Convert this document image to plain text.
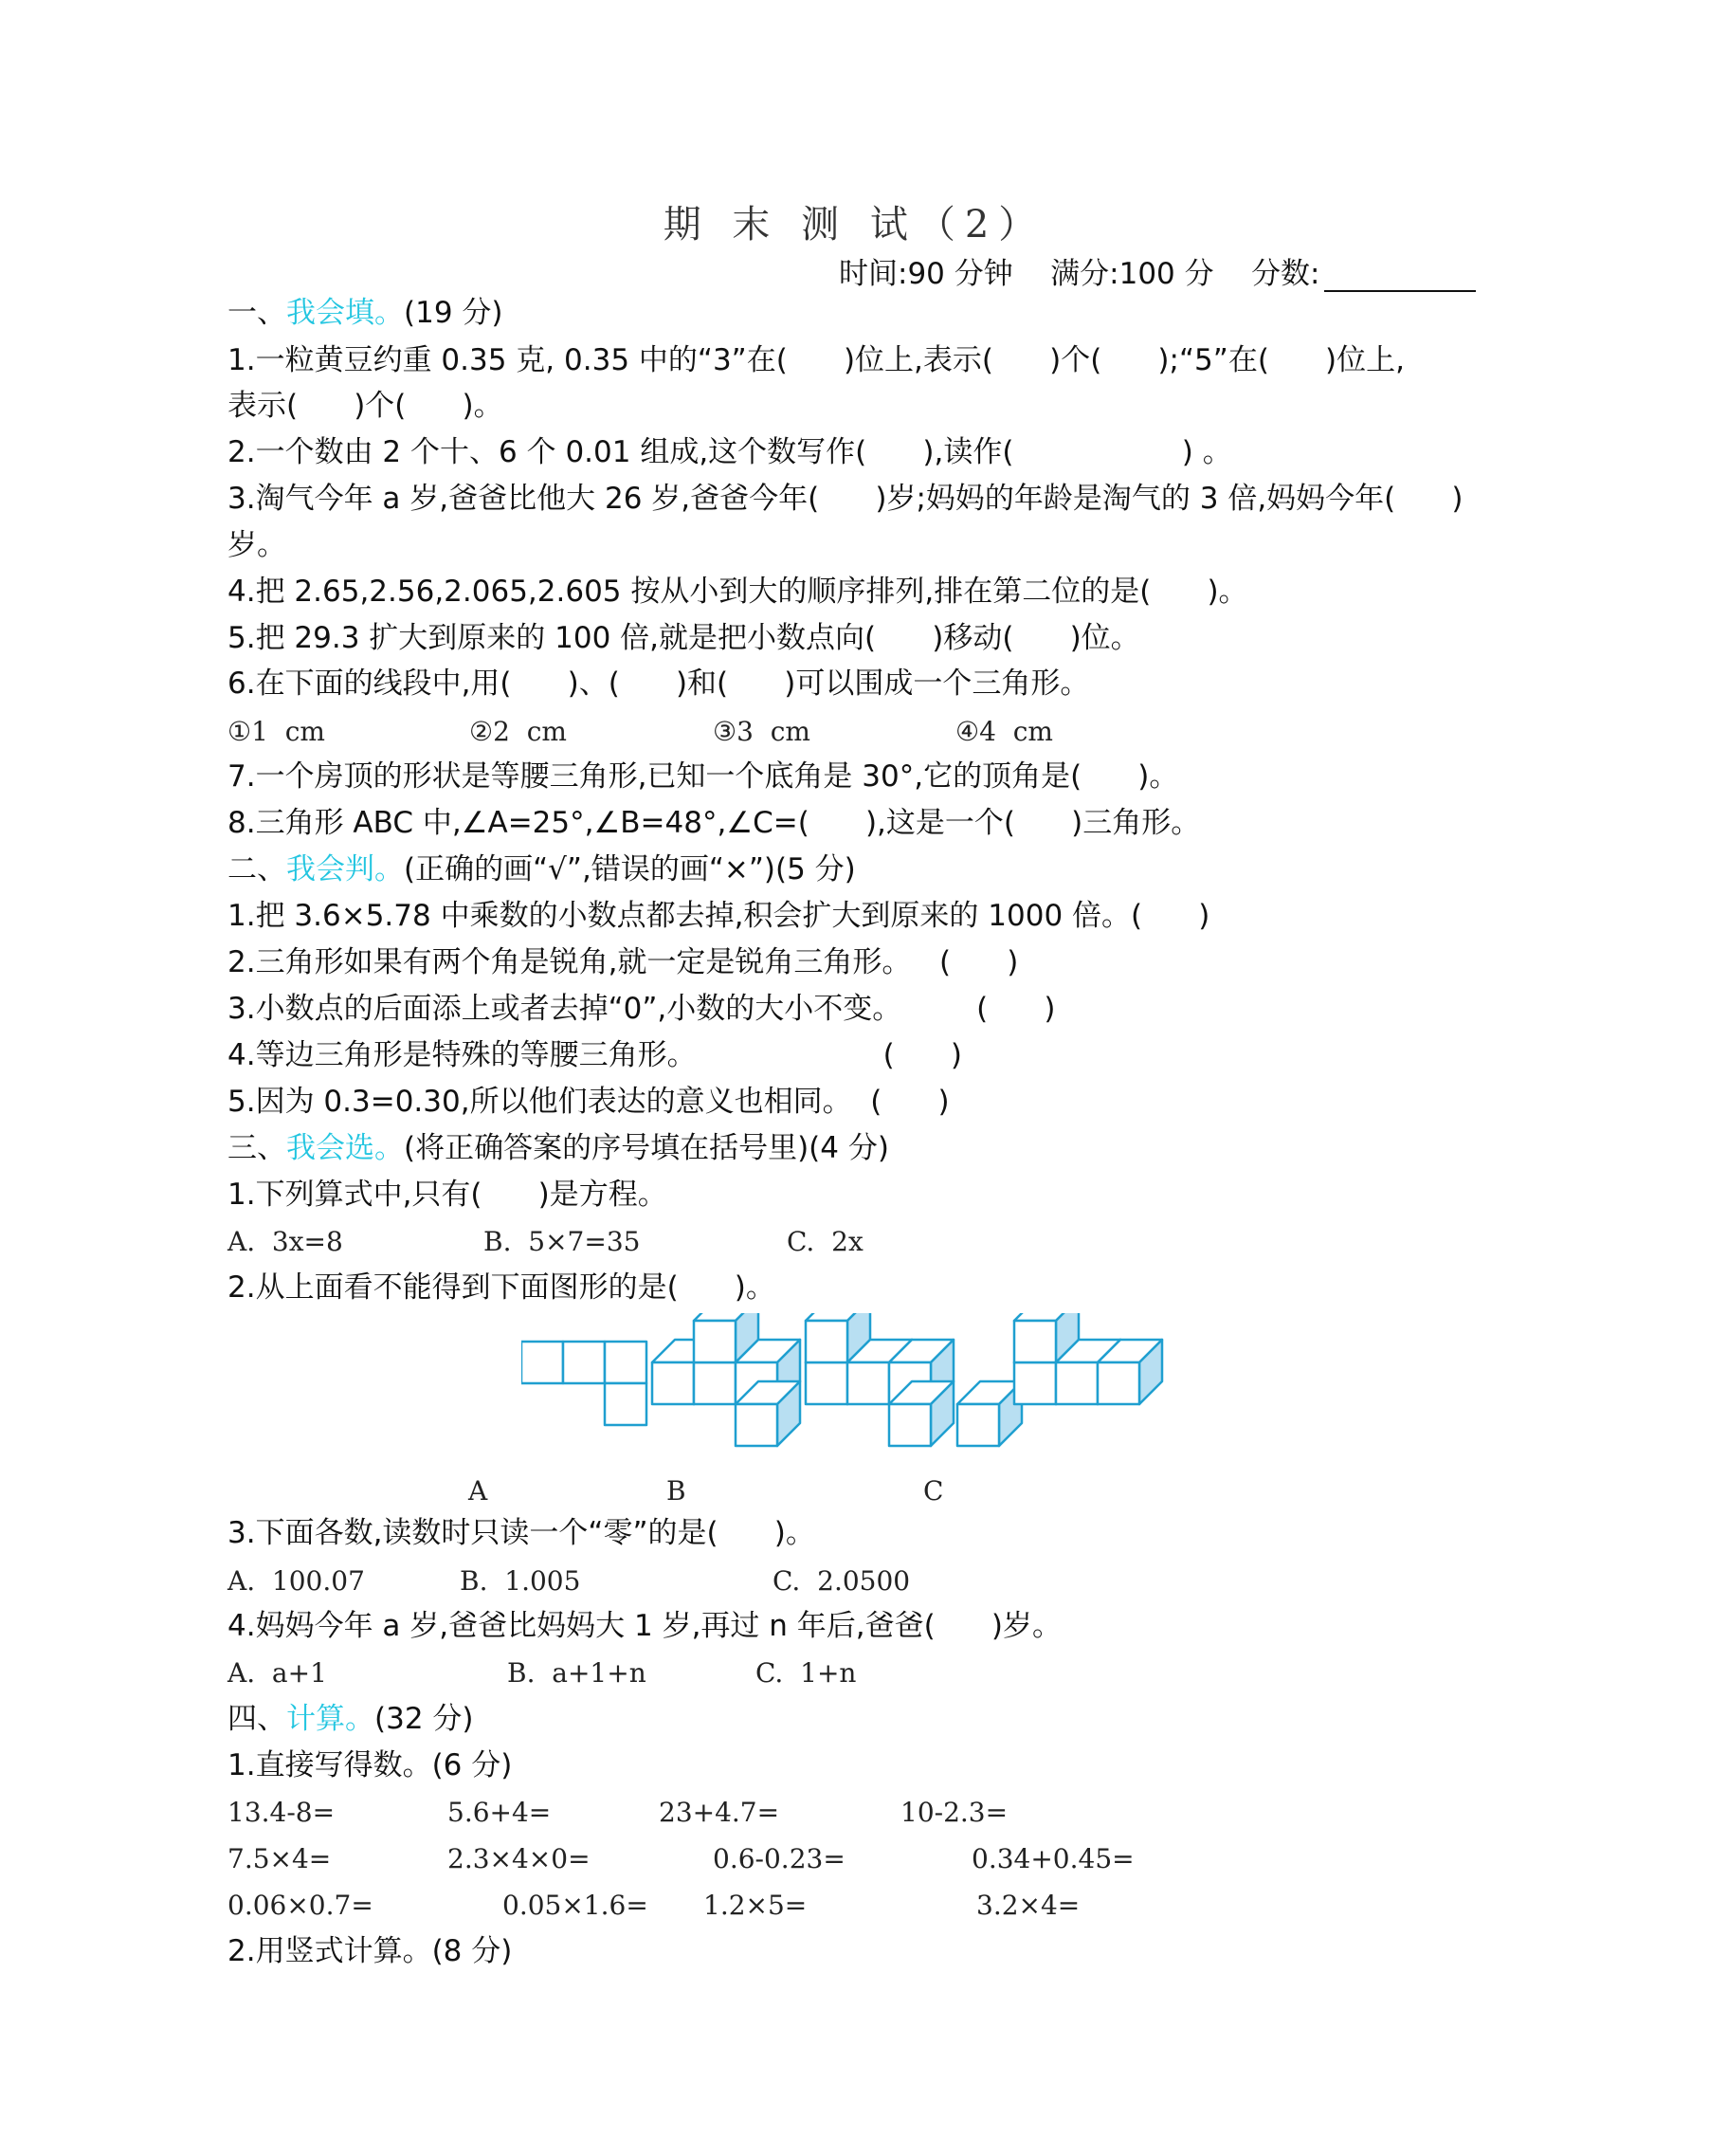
期 末 测 试（2）
时间:90 分钟 满分:100 分 分数:
一、我会填。(19 分)
1.一粒黄豆约重 0.35 克, 0.35 中的“3”在(      )位上,表示(      )个(      );“5”在(      )位上,
表示(      )个(      )。
2.一个数由 2 个十、6 个 0.01 组成,这个数写作(      ),读作(                  ) 。
3.淘气今年 a 岁,爸爸比他大 26 岁,爸爸今年(      )岁;妈妈的年龄是淘气的 3 倍,妈妈今年(      )
岁。
4.把 2.65,2.56,2.065,2.605 按从小到大的顺序排列,排在第二位的是(      )。
5.把 29.3 扩大到原来的 100 倍,就是把小数点向(      )移动(      )位。
6.在下面的线段中,用(      )、(      )和(      )可以围成一个三角形。
①1  cm	②2  cm	③3  cm	④4  cm
7.一个房顶的形状是等腰三角形,已知一个底角是 30°,它的顶角是(      )。
8.三角形 ABC 中,∠A=25°,∠B=48°,∠C=(      ),这是一个(      )三角形。
二、我会判。(正确的画“√”,错误的画“×”)(5 分)
1.把 3.6×5.78 中乘数的小数点都去掉,积会扩大到原来的 1000 倍。(      )
2.三角形如果有两个角是锐角,就一定是锐角三角形。   (      )
3.小数点的后面添上或者去掉“0”,小数的大小不变。        (      )
4.等边三角形是特殊的等腰三角形。                    (      )
5.因为 0.3=0.30,所以他们表达的意义也相同。  (      )
三、我会选。(将正确答案的序号填在括号里)(4 分)
1.下列算式中,只有(      )是方程。
A.  3x=8	B.  5×7=35	C.  2x
2.从上面看不能得到下面图形的是(      )。
A	B	C
3.下面各数,读数时只读一个“零”的是(      )。
A.  100.07	B.  1.005	C.  2.0500
4.妈妈今年 a 岁,爸爸比妈妈大 1 岁,再过 n 年后,爸爸(      )岁。
A.  a+1	B.  a+1+n	C.  1+n
四、计算。(32 分)
1.直接写得数。(6 分)
13.4-8=	5.6+4=	23+4.7=	10-2.3=
7.5×4=	2.3×4×0=	0.6-0.23=	0.34+0.45=
0.06×0.7=	0.05×1.6= 1.2×5=	3.2×4=
2.用竖式计算。(8 分)
